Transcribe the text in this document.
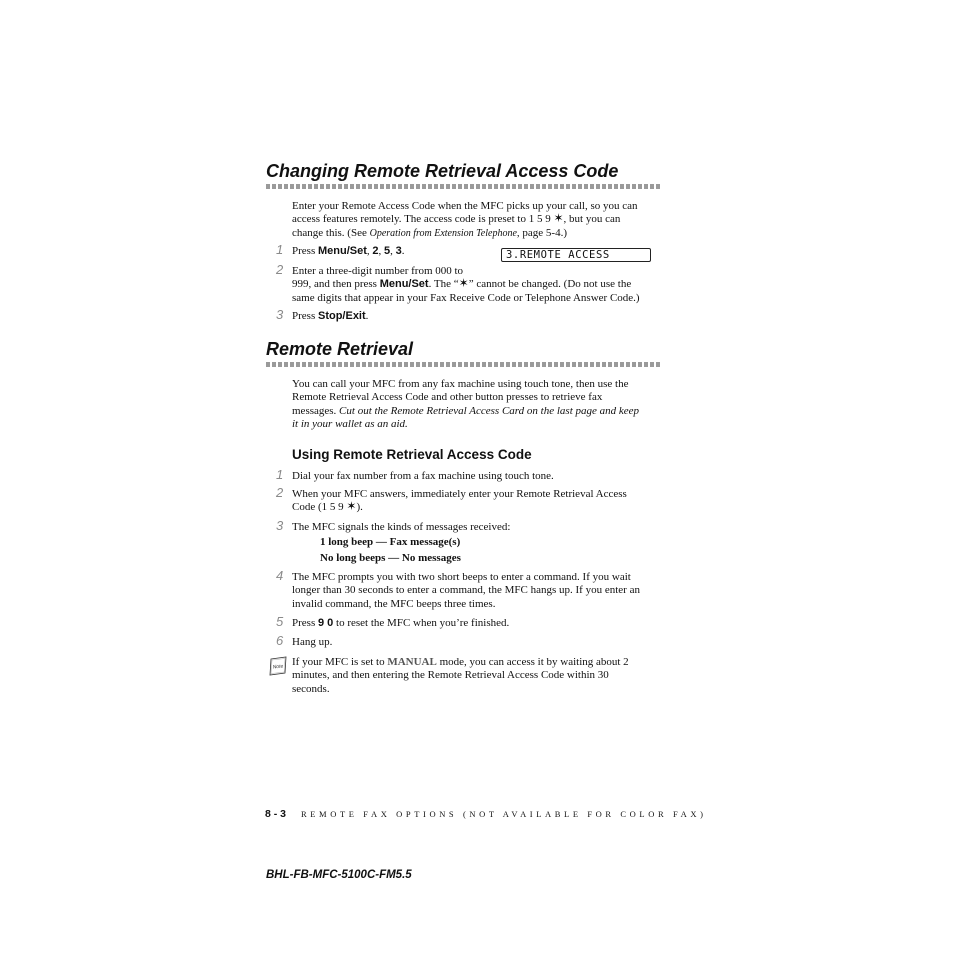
Changing Remote Retrieval Access Code
Enter your Remote Access Code when the MFC picks up your call, so you can
access features remotely. The access code is preset to 1 5 9 ✶, but you can
change this. (See Operation from Extension Telephone, page 5-4.)
1 Press Menu/Set, 2, 5, 3.	3.REMOTE ACCESS
2 Enter a three-digit number from 000 to
999, and then press Menu/Set. The “✶” cannot be changed. (Do not use the
same digits that appear in your Fax Receive Code or Telephone Answer Code.)
3 Press Stop/Exit.
Remote Retrieval
You can call your MFC from any fax machine using touch tone, then use the
Remote Retrieval Access Code and other button presses to retrieve fax
messages. Cut out the Remote Retrieval Access Card on the last page and keep
it in your wallet as an aid.
Using Remote Retrieval Access Code
1 Dial your fax number from a fax machine using touch tone.
2 When your MFC answers, immediately enter your Remote Retrieval Access
Code (1 5 9 ✶).
3 The MFC signals the kinds of messages received:
1 long beep — Fax message(s)
No long beeps — No messages
4 The MFC prompts you with two short beeps to enter a command. If you wait
longer than 30 seconds to enter a command, the MFC hangs up. If you enter an
invalid command, the MFC beeps three times.
5 Press 9 0 to reset the MFC when you’re finished.
6 Hang up.
Note If your MFC is set to MANUAL mode, you can access it by waiting about 2
minutes, and then entering the Remote Retrieval Access Code within 30
seconds.
8 - 3 REMOTE FAX OPTIONS (NOT AVAILABLE FOR COLOR FAX)
BHL-FB-MFC-5100C-FM5.5
